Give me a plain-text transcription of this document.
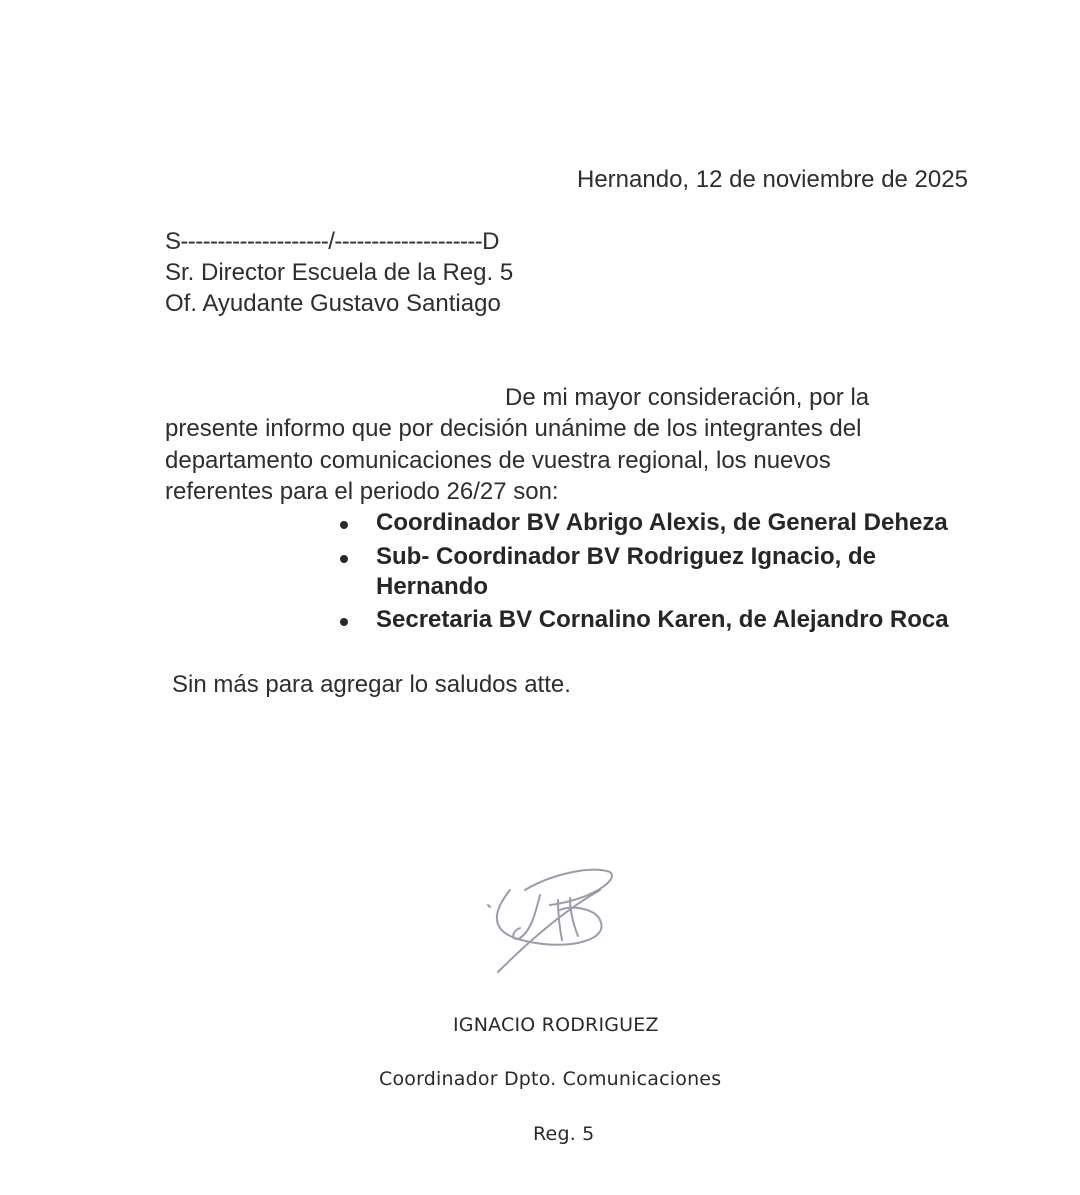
Hernando, 12 de noviembre de 2025
S--------------------/--------------------D
Sr. Director Escuela de la Reg. 5
Of. Ayudante Gustavo Santiago
De mi mayor consideración, por la
presente informo que por decisión unánime de los integrantes del
departamento comunicaciones de vuestra regional, los nuevos
referentes para el periodo 26/27 son:
Coordinador BV Abrigo Alexis, de General Deheza
Sub- Coordinador BV Rodriguez Ignacio, de
Hernando
Secretaria BV Cornalino Karen, de Alejandro Roca
Sin más para agregar lo saludos atte.
IGNACIO RODRIGUEZ
Coordinador Dpto. Comunicaciones
Reg. 5
